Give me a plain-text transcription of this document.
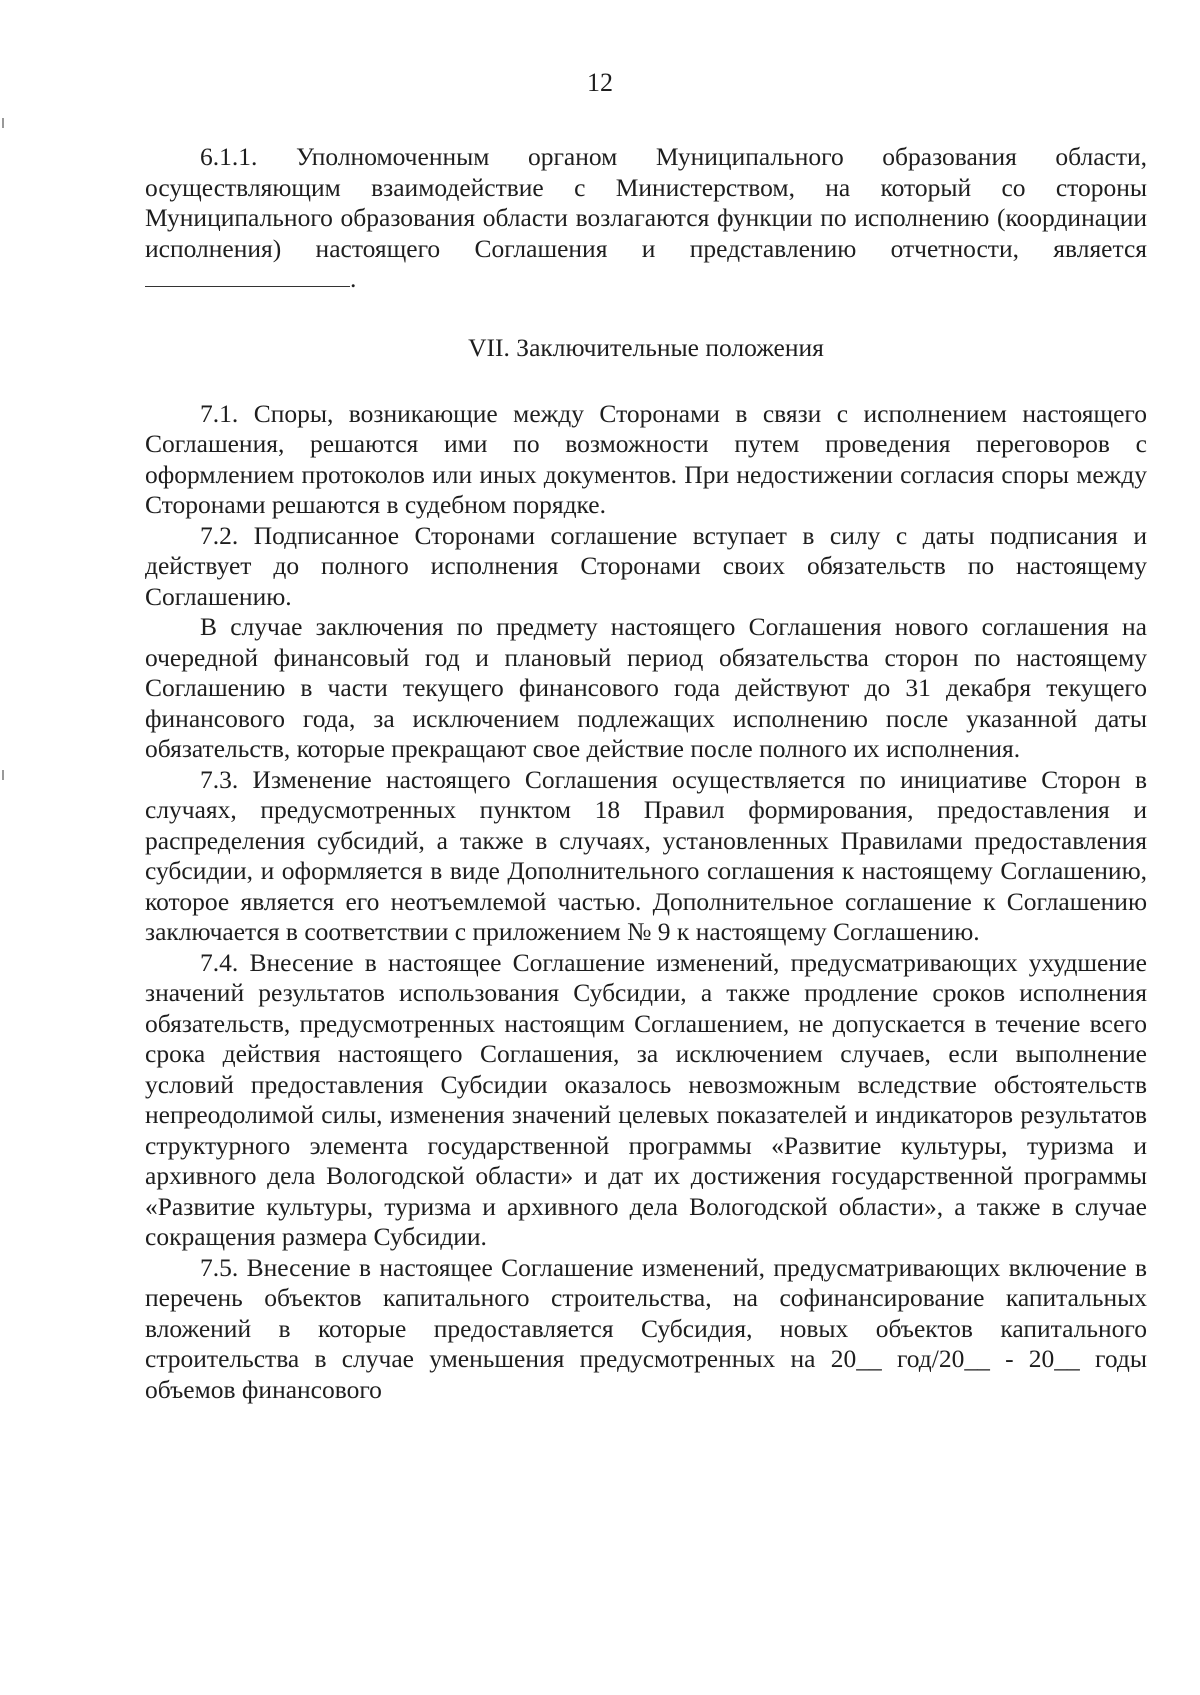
12

6.1.1. Уполномоченным органом Муниципального образования области, осуществляющим взаимодействие с Министерством, на который со стороны Муниципального образования области возлагаются функции по исполнению (координации исполнения) настоящего Соглашения и представлению отчетности, является .

VII. Заключительные положения

7.1. Споры, возникающие между Сторонами в связи с исполнением настоящего Соглашения, решаются ими по возможности путем проведения переговоров с оформлением протоколов или иных документов. При недостижении согласия споры между Сторонами решаются в судебном порядке.

7.2. Подписанное Сторонами соглашение вступает в силу с даты подписания и действует до полного исполнения Сторонами своих обязательств по настоящему Соглашению.

В случае заключения по предмету настоящего Соглашения нового соглашения на очередной финансовый год и плановый период обязательства сторон по настоящему Соглашению в части текущего финансового года действуют до 31 декабря текущего финансового года, за исключением подлежащих исполнению после указанной даты обязательств, которые прекращают свое действие после полного их исполнения.

7.3. Изменение настоящего Соглашения осуществляется по инициативе Сторон в случаях, предусмотренных пунктом 18 Правил формирования, предоставления и распределения субсидий, а также в случаях, установленных Правилами предоставления субсидии, и оформляется в виде Дополнительного соглашения к настоящему Соглашению, которое является его неотъемлемой частью. Дополнительное соглашение к Соглашению заключается в соответствии с приложением № 9 к настоящему Соглашению.

7.4. Внесение в настоящее Соглашение изменений, предусматривающих ухудшение значений результатов использования Субсидии, а также продление сроков исполнения обязательств, предусмотренных настоящим Соглашением, не допускается в течение всего срока действия настоящего Соглашения, за исключением случаев, если выполнение условий предоставления Субсидии оказалось невозможным вследствие обстоятельств непреодолимой силы, изменения значений целевых показателей и индикаторов результатов структурного элемента государственной программы «Развитие культуры, туризма и архивного дела Вологодской области» и дат их достижения государственной программы «Развитие культуры, туризма и архивного дела Вологодской области», а также в случае сокращения размера Субсидии.

7.5. Внесение в настоящее Соглашение изменений, предусматривающих включение в перечень объектов капитального строительства, на софинансирование капитальных вложений в которые предоставляется Субсидия, новых объектов капитального строительства в случае уменьшения предусмотренных на 20__ год/20__ - 20__ годы объемов финансового
